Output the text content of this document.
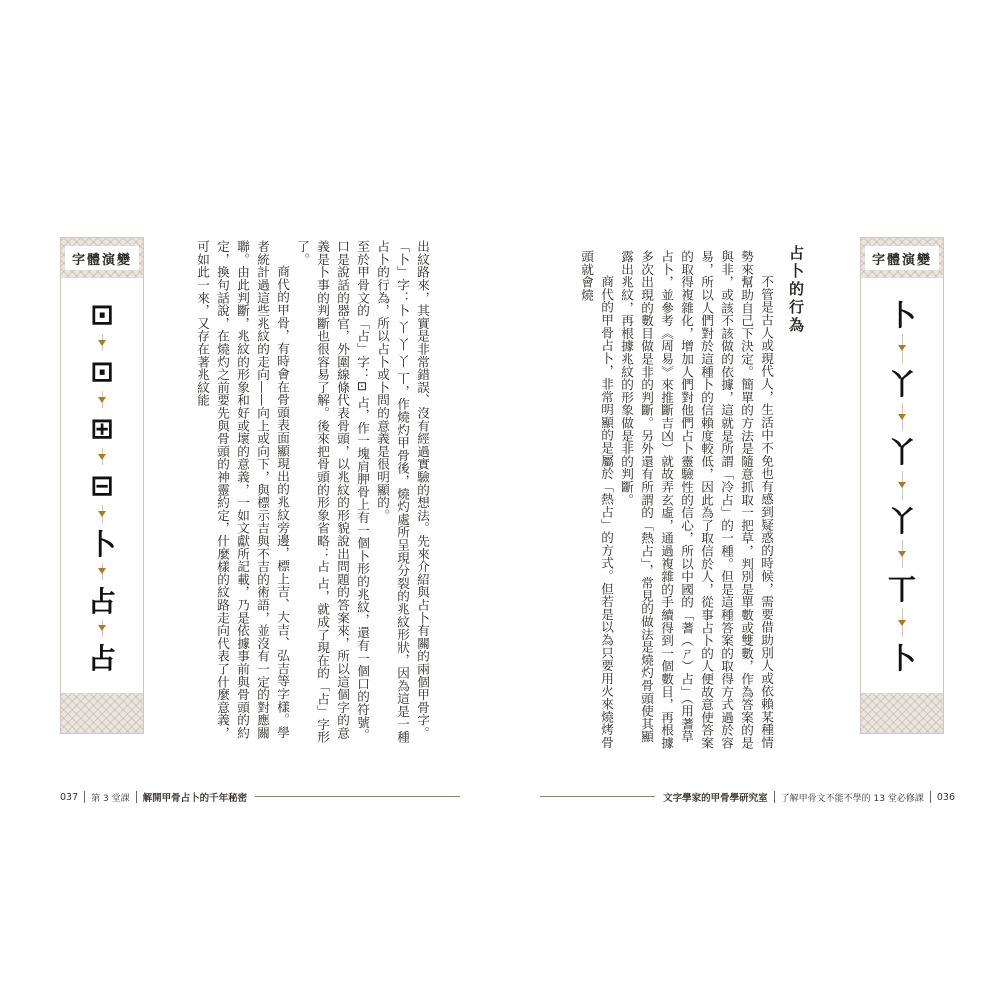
字體演變
⊡
⊡
⊞
⊟
卜
占
占	出紋路來，其實是非常錯誤、沒有經過實驗的想法。先來介紹與占卜有關的兩個甲骨字。
「卜」字：卜 丫 丫 丫 丅，作燒灼甲骨後，燒灼處所呈現分裂的兆紋形狀，因為這是一種占卜的行為，所以占卜或卜問的意義是很明顯的。
至於甲骨文的「占」字：⊡ 占，作一塊肩胛骨上有一個卜形的兆紋，還有一個口的符號。口是說話的器官，外圍線條代表骨頭，以兆紋的形貌說出問題的答案來，所以這個字的意義是卜事的判斷也很容易了解。後來把骨頭的形象省略：占 占，就成了現在的「占」字形了。
商代的甲骨，有時會在骨頭表面顯現出的兆紋旁邊，標上吉、大吉、弘吉等字樣。學者統計過這些兆紋的走向——向上或向下，與標示吉與不吉的術語，並沒有一定的對應關聯。由此判斷，兆紋的形象和好或壞的意義，一如文獻所記載，乃是依據事前與骨頭的約定，換句話說，在燒灼之前要先與骨頭的神靈約定，什麼樣的紋路走向代表了什麼意義，可如此一來，又存在著兆紋能
037 第 3 堂課 解開甲骨占卜的千年秘密
占卜的行為
不管是古人或現代人，生活中不免也有感到疑惑的時候，需要借助別人或依賴某種情勢來幫助自己下決定。簡單的方法是隨意抓取一把草，判別是單數或雙數，作為答案的是與非，或該不該做的依據，這就是所謂「冷占」的一種。但是這種答案的取得方式過於容易，所以人們對於這種卜的信賴度較低，因此為了取信於人，從事占卜的人便故意使答案的取得複雜化，增加人們對他們占卜靈驗性的信心，所以中國的「蓍（ㄕ）占」（用蓍草占卜，並參考《周易》來推斷吉凶）就故弄玄虛，通過複雜的手續得到一個數目，再根據多次出現的數目做是非的判斷。另外還有所謂的「熱占」，常見的做法是燒灼骨頭使其顯露出兆紋，再根據兆紋的形象做是非的判斷。
商代的甲骨占卜，非常明顯的是屬於「熱占」的方式。但若是以為只要用火來燒烤骨頭就會燒	字體演變
卜
丫
丫
丫
丅
卜
文字學家的甲骨學研究室 了解甲骨文不能不學的 13 堂必修課 036
